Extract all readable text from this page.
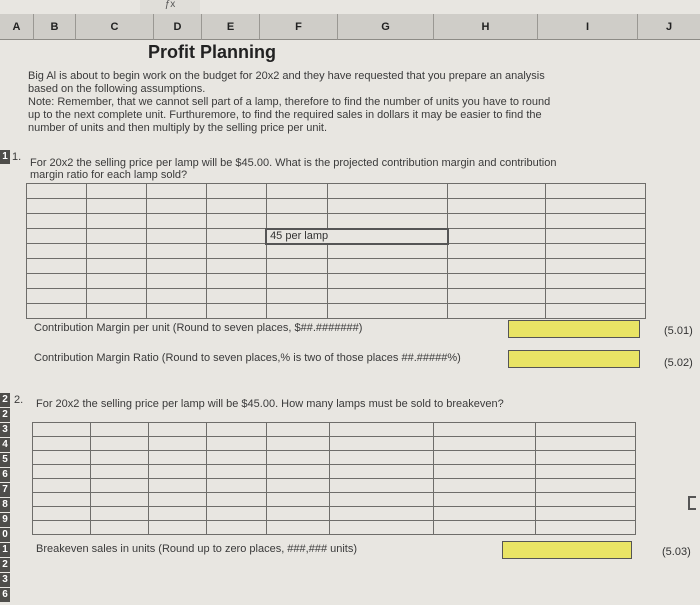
ƒx
A	B	C	D	E	F	G	H	I	J
1
2
2
3
4
5
6
7
8
9
0
1
2
3
6
Profit Planning
Big Al is about to begin work on the budget for 20x2 and they have requested that you prepare an analysis
based on the following assumptions.
Note: Remember, that we cannot sell part of a lamp, therefore to find the number of units you have to round
up to the next complete unit. Furthuremore, to find the required sales in dollars it may be easier to find the
number of units and then multiply by the selling price per unit.
1. For 20x2 the selling price per lamp will be $45.00. What is the projected contribution margin and contribution
margin ratio for each lamp sold?

				45 per lamp			

Contribution Margin per unit (Round to seven places, $##.#######)	(5.01)
Contribution Margin Ratio (Round to seven places,% is two of those places ##.#####%)	(5.02)
2. For 20x2 the selling price per lamp will be $45.00. How many lamps must be sold to breakeven?

Breakeven sales in units (Round up to zero places, ###,### units)	(5.03)
